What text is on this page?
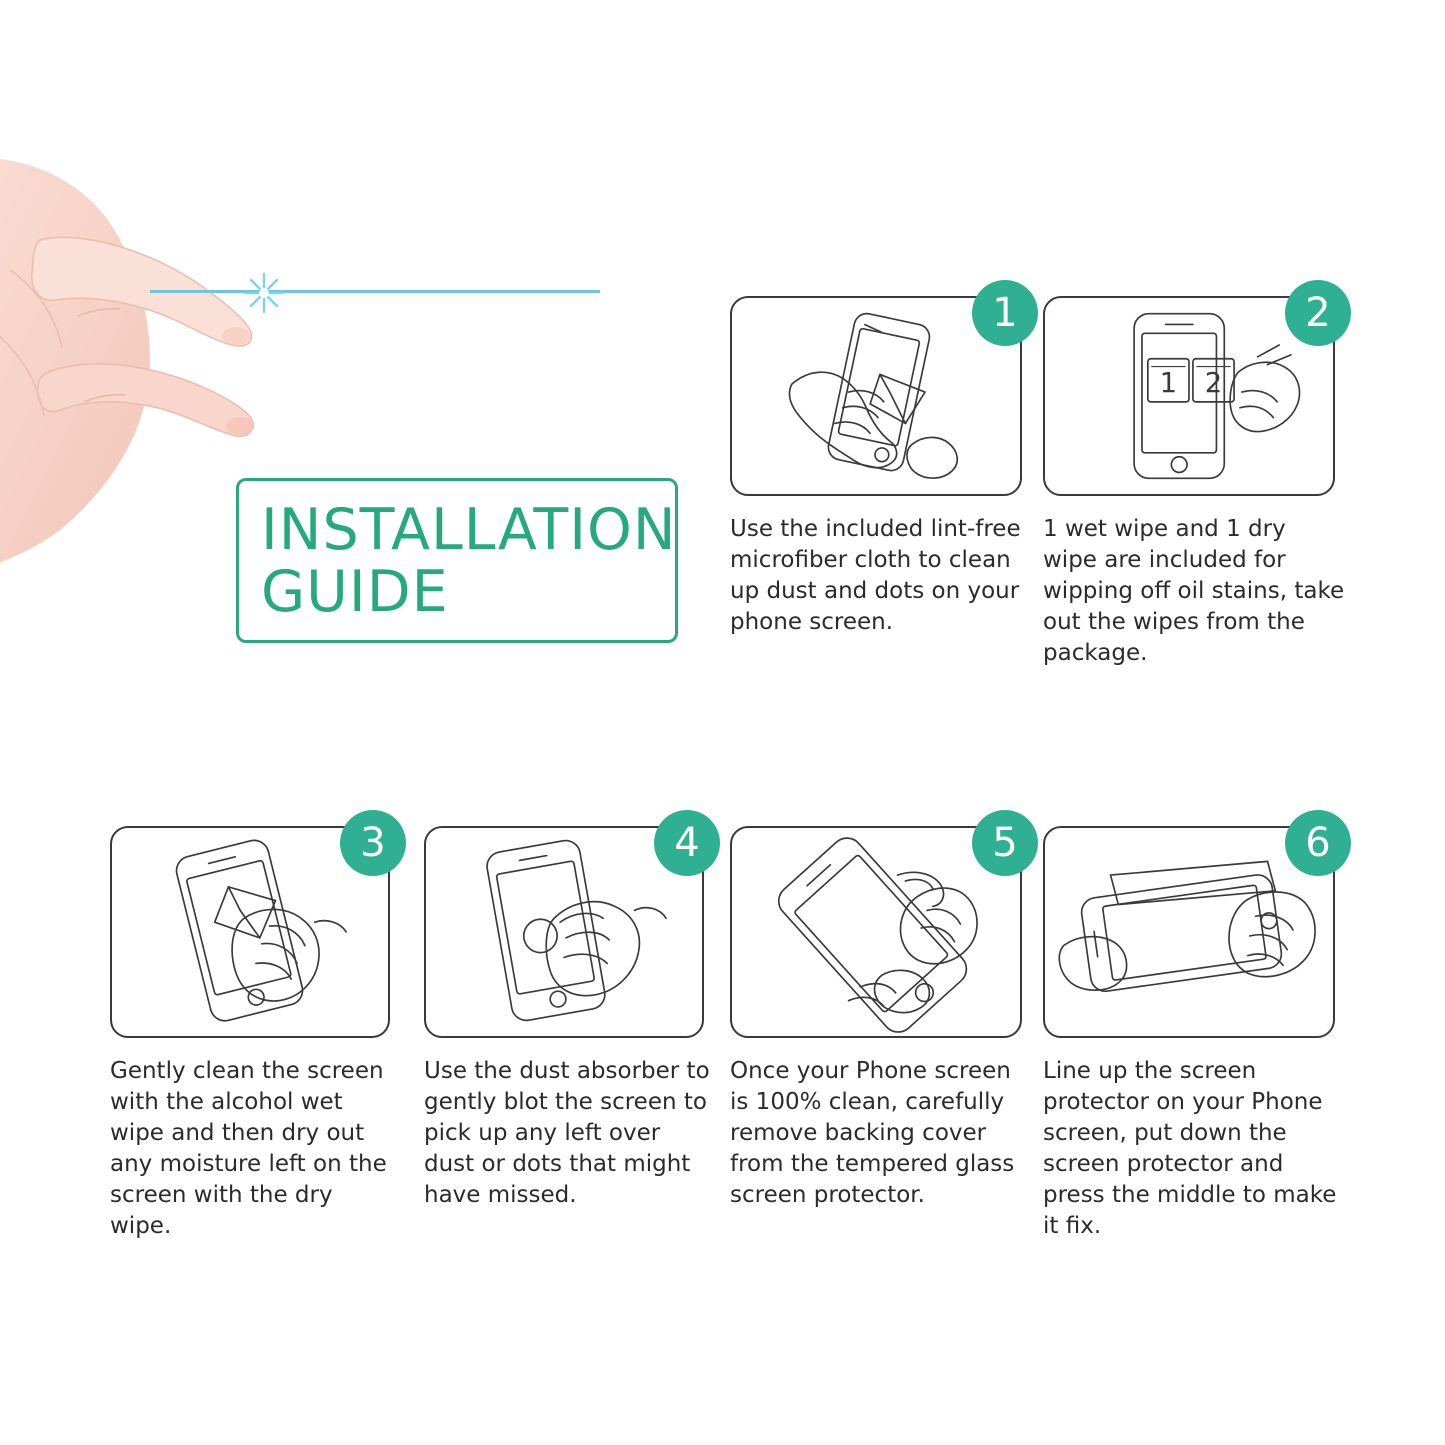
INSTALLATION
GUIDE
1
Use the included lint-free microfiber cloth to clean up dust and dots on your phone screen.
1 2
2
1 wet wipe and 1 dry wipe are included for wipping off oil stains, take out the wipes from the package.
3
Gently clean the screen with the alcohol wet wipe and then dry out any moisture left on the screen with the dry wipe.
4
Use the dust absorber to gently blot the screen to pick up any left over dust or dots that might have missed.
5
Once your Phone screen is 100% clean, carefully remove backing cover from the tempered glass screen protector.
6
Line up the screen protector on your Phone screen, put down the screen protector and press the middle to make it fix.
